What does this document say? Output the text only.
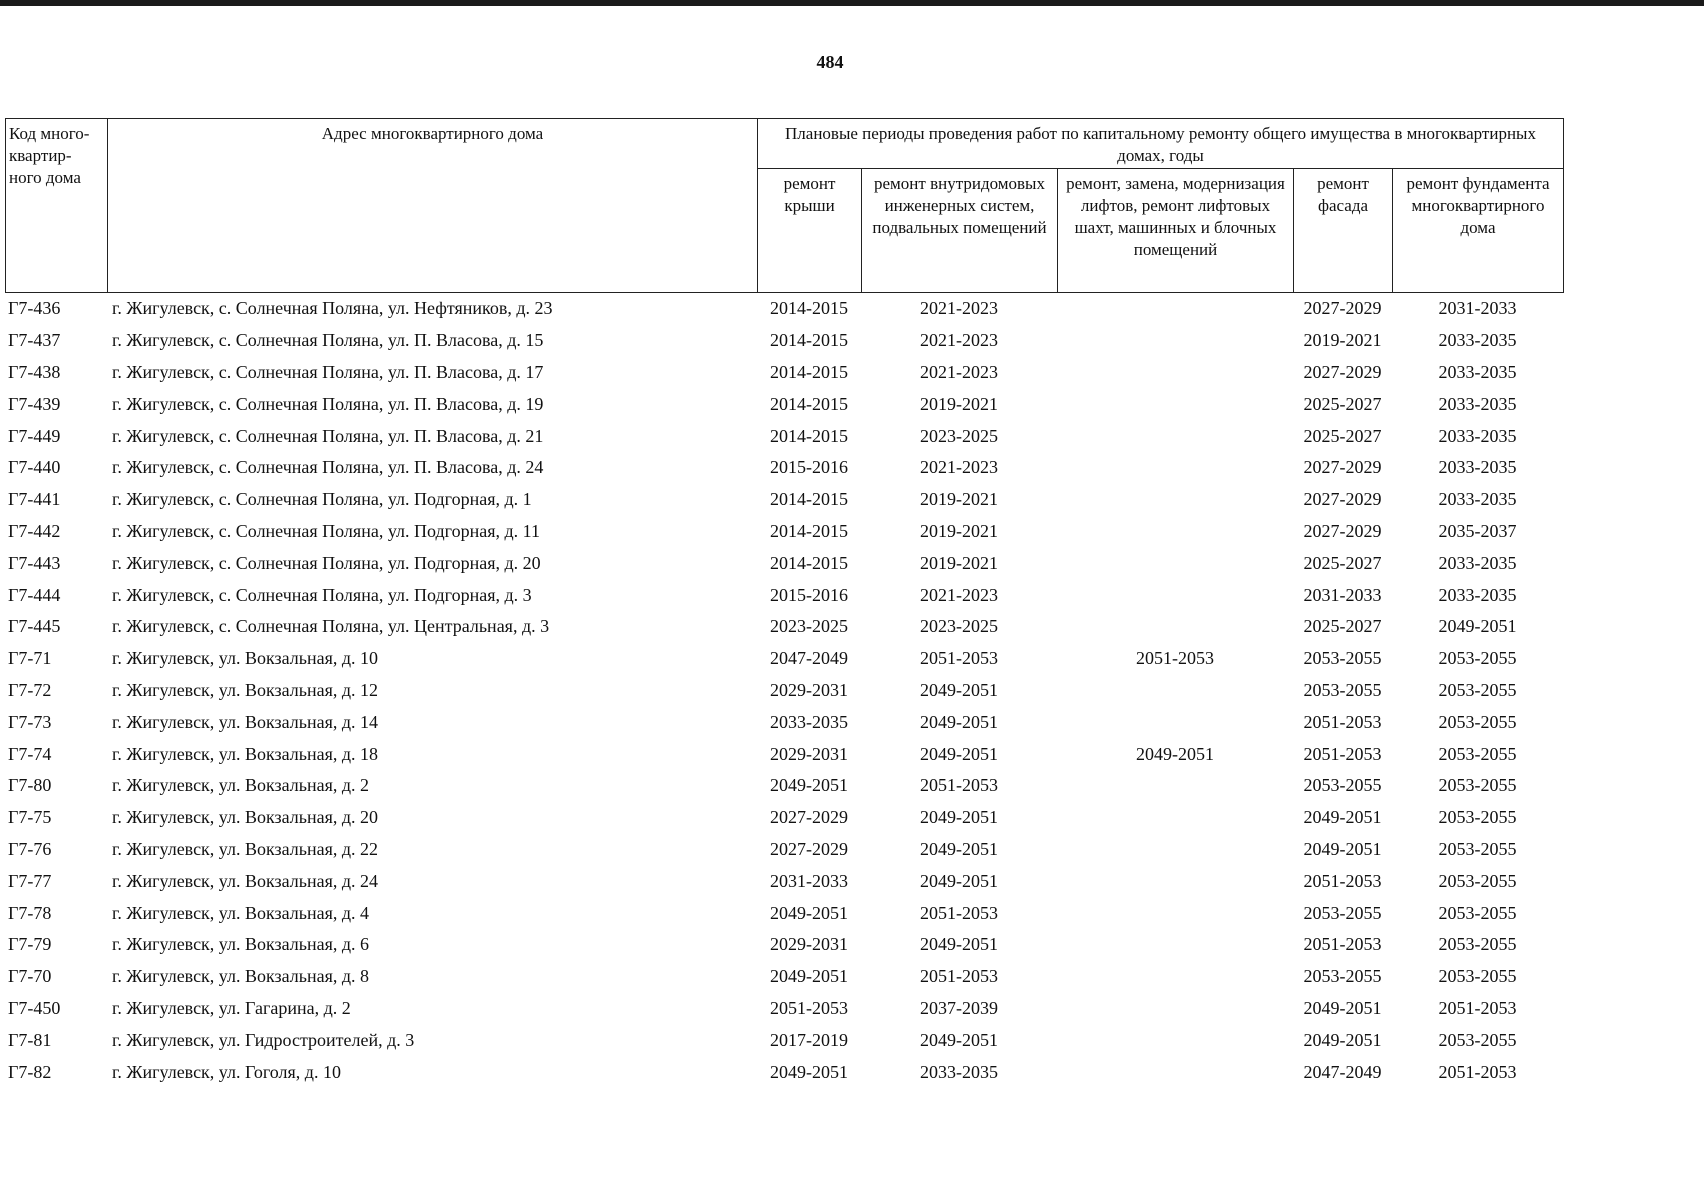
484
Код много- квартир- ного дома	Адрес многоквартирного дома	Плановые периоды проведения работ по капитальному ремонту общего имущества в многоквартирных домах, годы				
		ремонт крыши	ремонт внутридомовых инженерных систем, подвальных помещений	ремонт, замена, модернизация лифтов, ремонт лифтовых шахт, машинных и блочных помещений	ремонт фасада	ремонт фундамента многоквартирного дома
Г7-436	г. Жигулевск, с. Солнечная Поляна, ул. Нефтяников, д. 23	2014-2015	2021-2023		2027-2029	2031-2033
Г7-437	г. Жигулевск, с. Солнечная Поляна, ул. П. Власова, д. 15	2014-2015	2021-2023		2019-2021	2033-2035
Г7-438	г. Жигулевск, с. Солнечная Поляна, ул. П. Власова, д. 17	2014-2015	2021-2023		2027-2029	2033-2035
Г7-439	г. Жигулевск, с. Солнечная Поляна, ул. П. Власова, д. 19	2014-2015	2019-2021		2025-2027	2033-2035
Г7-449	г. Жигулевск, с. Солнечная Поляна, ул. П. Власова, д. 21	2014-2015	2023-2025		2025-2027	2033-2035
Г7-440	г. Жигулевск, с. Солнечная Поляна, ул. П. Власова, д. 24	2015-2016	2021-2023		2027-2029	2033-2035
Г7-441	г. Жигулевск, с. Солнечная Поляна, ул. Подгорная, д. 1	2014-2015	2019-2021		2027-2029	2033-2035
Г7-442	г. Жигулевск, с. Солнечная Поляна, ул. Подгорная, д. 11	2014-2015	2019-2021		2027-2029	2035-2037
Г7-443	г. Жигулевск, с. Солнечная Поляна, ул. Подгорная, д. 20	2014-2015	2019-2021		2025-2027	2033-2035
Г7-444	г. Жигулевск, с. Солнечная Поляна, ул. Подгорная, д. 3	2015-2016	2021-2023		2031-2033	2033-2035
Г7-445	г. Жигулевск, с. Солнечная Поляна, ул. Центральная, д. 3	2023-2025	2023-2025		2025-2027	2049-2051
Г7-71	г. Жигулевск, ул. Вокзальная, д. 10	2047-2049	2051-2053	2051-2053	2053-2055	2053-2055
Г7-72	г. Жигулевск, ул. Вокзальная, д. 12	2029-2031	2049-2051		2053-2055	2053-2055
Г7-73	г. Жигулевск, ул. Вокзальная, д. 14	2033-2035	2049-2051		2051-2053	2053-2055
Г7-74	г. Жигулевск, ул. Вокзальная, д. 18	2029-2031	2049-2051	2049-2051	2051-2053	2053-2055
Г7-80	г. Жигулевск, ул. Вокзальная, д. 2	2049-2051	2051-2053		2053-2055	2053-2055
Г7-75	г. Жигулевск, ул. Вокзальная, д. 20	2027-2029	2049-2051		2049-2051	2053-2055
Г7-76	г. Жигулевск, ул. Вокзальная, д. 22	2027-2029	2049-2051		2049-2051	2053-2055
Г7-77	г. Жигулевск, ул. Вокзальная, д. 24	2031-2033	2049-2051		2051-2053	2053-2055
Г7-78	г. Жигулевск, ул. Вокзальная, д. 4	2049-2051	2051-2053		2053-2055	2053-2055
Г7-79	г. Жигулевск, ул. Вокзальная, д. 6	2029-2031	2049-2051		2051-2053	2053-2055
Г7-70	г. Жигулевск, ул. Вокзальная, д. 8	2049-2051	2051-2053		2053-2055	2053-2055
Г7-450	г. Жигулевск, ул. Гагарина, д. 2	2051-2053	2037-2039		2049-2051	2051-2053
Г7-81	г. Жигулевск, ул. Гидростроителей, д. 3	2017-2019	2049-2051		2049-2051	2053-2055
Г7-82	г. Жигулевск, ул. Гоголя, д. 10	2049-2051	2033-2035		2047-2049	2051-2053
